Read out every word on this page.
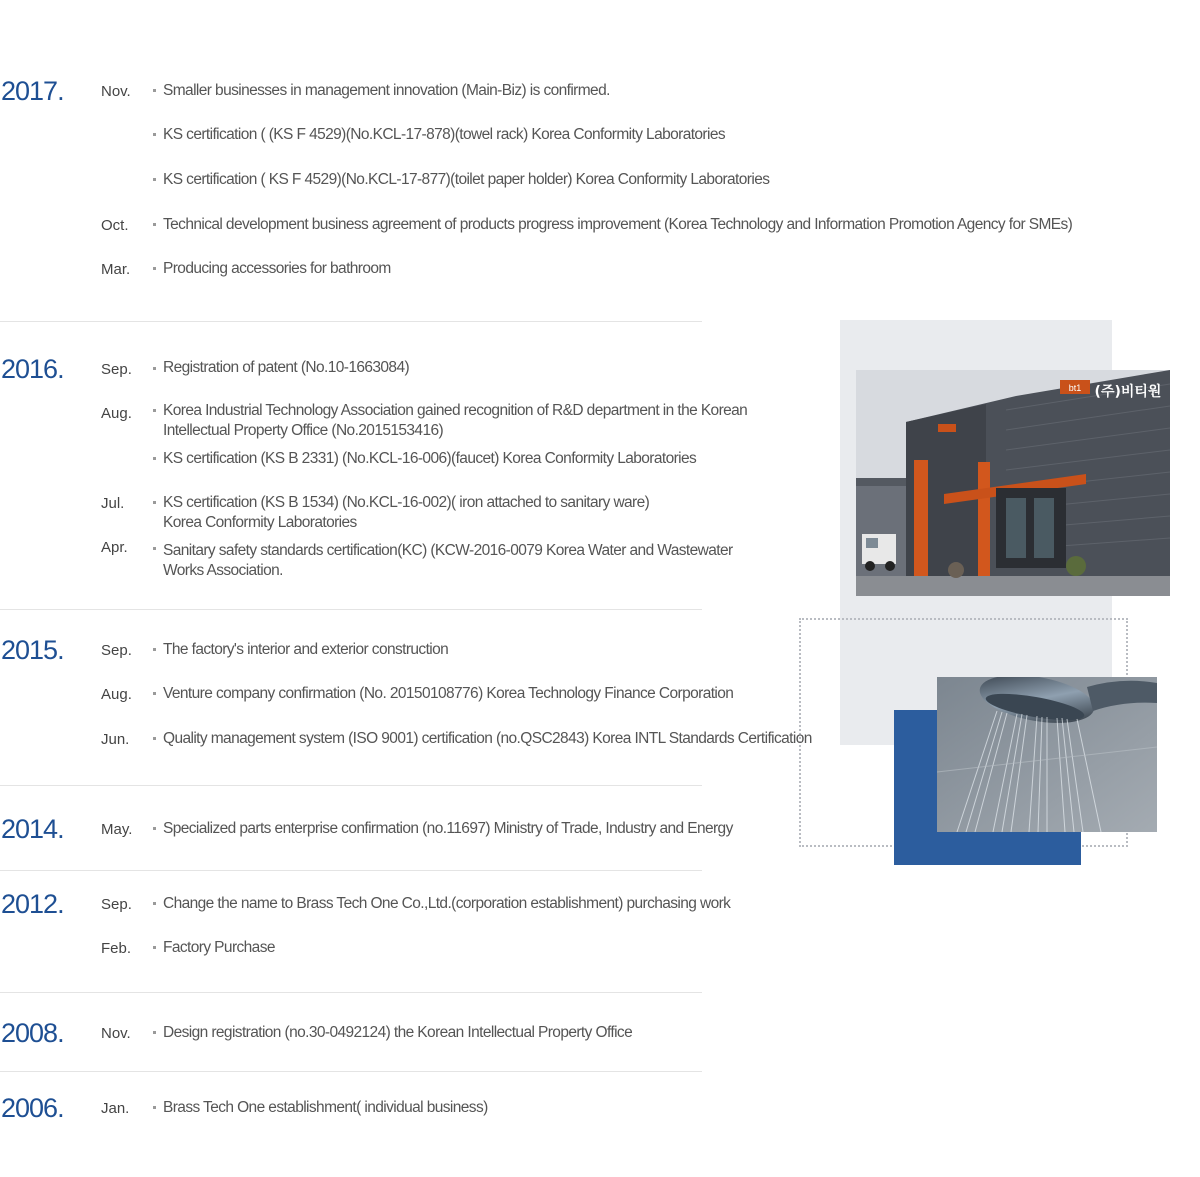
2017. Nov. Smaller businesses in management innovation (Main-Biz) is confirmed.
KS certification ( (KS F 4529)(No.KCL-17-878)(towel rack) Korea Conformity Laboratories
KS certification ( KS F 4529)(No.KCL-17-877)(toilet paper holder) Korea Conformity Laboratories
Oct. Technical development business agreement of products progress improvement (Korea Technology and Information Promotion Agency for SMEs)
Mar. Producing accessories for bathroom
2016. Sep. Registration of patent (No.10-1663084)
Aug. Korea Industrial Technology Association gained recognition of R&D department in the Korean
Intellectual Property Office (No.2015153416)
KS certification (KS B 2331) (No.KCL-16-006)(faucet) Korea Conformity Laboratories
Jul. KS certification (KS B 1534) (No.KCL-16-002)( iron attached to sanitary ware)
Korea Conformity Laboratories
Apr. Sanitary safety standards certification(KC) (KCW-2016-0079 Korea Water and Wastewater
Works Association.
2015. Sep. The factory's interior and exterior construction
Aug. Venture company confirmation (No. 20150108776) Korea Technology Finance Corporation
Jun. Quality management system (ISO 9001) certification (no.QSC2843) Korea INTL Standards Certification
2014. May. Specialized parts enterprise confirmation (no.11697) Ministry of Trade, Industry and Energy
2012. Sep. Change the name to Brass Tech One Co.,Ltd.(corporation establishment) purchasing work
Feb. Factory Purchase
2008. Nov. Design registration (no.30-0492124) the Korean Intellectual Property Office
2006. Jan. Brass Tech One establishment( individual business)
bt1 (주)비티원
